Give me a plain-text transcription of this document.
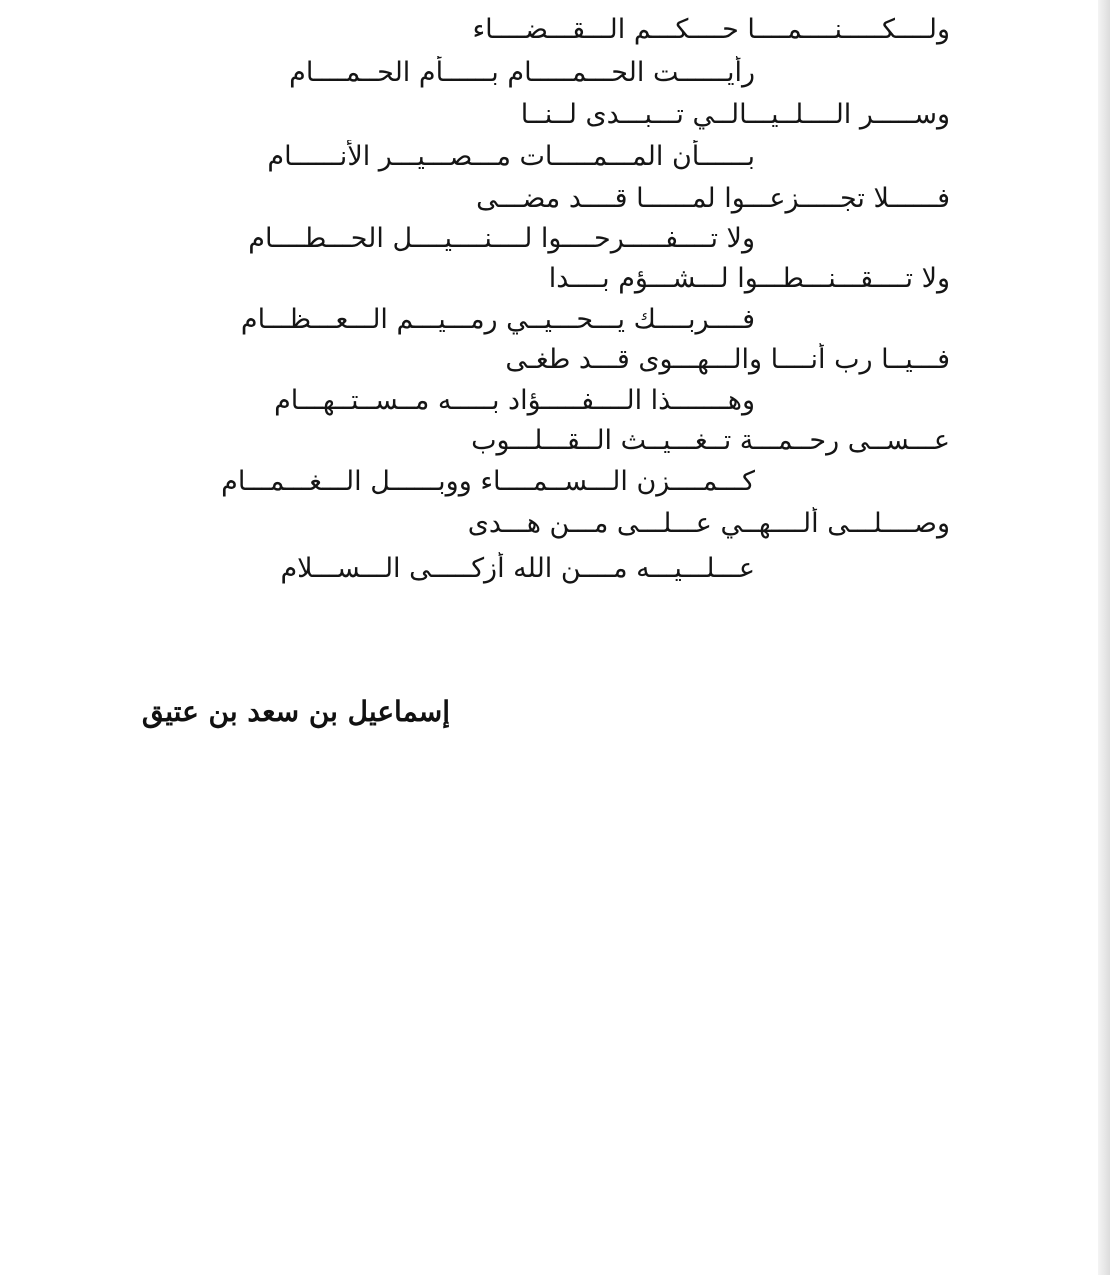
ولــــكـــــنــــمــــا حــــكـــم الـــقـــضــــاء
رأيــــــت الحـــمـــــام بــــــأم الحــمــــام
وســـــر الــــلــيـــالــي تـــبـــدى لــنــا
بــــــأن المـــمـــــات مـــصـــيـــر الأنــــــام
فــــــلا تجـــــزعـــوا لمــــــا قــــد مضـــى
ولا تــــفـــــرحــــوا لــــنــــيــــل الحـــطــــام
ولا تــــقـــنـــطـــوا لـــشـــؤم بــــدا
فــــربــــك يـــحـــيــي رمـــيـــم الـــعـــظـــام
فـــيــا رب أنــــا والـــهـــوى قـــد طغـى
وهـــــــذا الــــفـــــؤاد بـــــه مــســتــهـــام
عـــســى رحــمـــة تــغـــيــث الــقـــلـــوب
كـــمــــزن الـــســمــــاء ووبــــــل الـــغـــمـــام
وصــــلـــى ألــــهــي عـــلـــى مـــن هـــدى
عـــلـــيـــه مــــن الله أزكـــــى الـــســـلام
إسماعيل بن سعد بن عتيق
